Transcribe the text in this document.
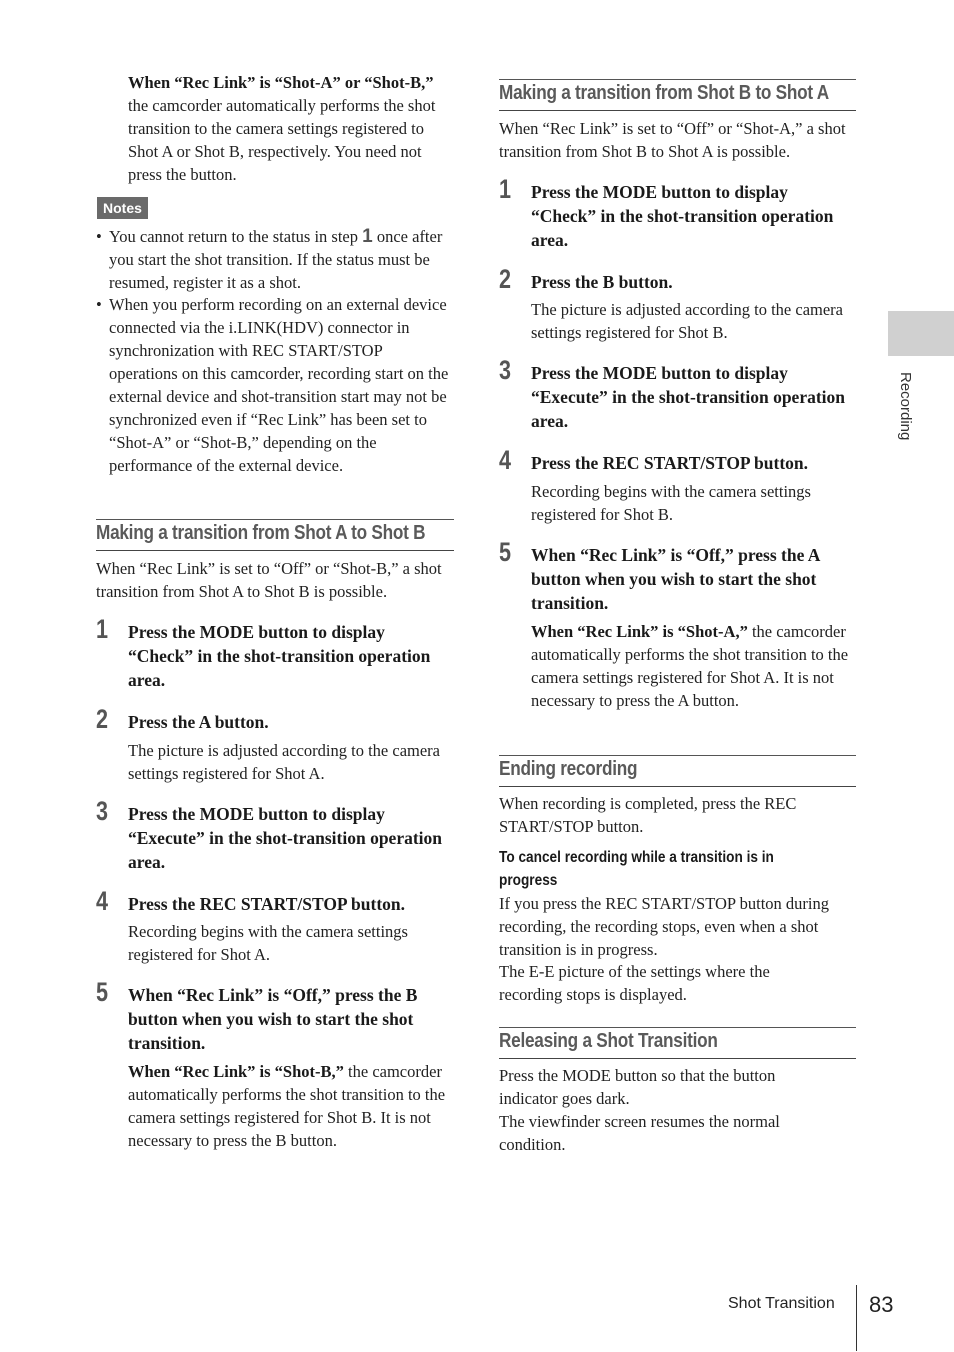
When “Rec Link” is “Shot-A” or “Shot-B,” the camcorder automatically performs the shot transition to the camera settings registered to Shot A or Shot B, respectively. You need not press the button.
Notes
• You cannot return to the status in step 1 once after you start the shot transition. If the status must be resumed, register it as a shot.
• When you perform recording on an external device connected via the i.LINK(HDV) connector in synchronization with REC START/STOP operations on this camcorder, recording start on the external device and shot-transition start may not be synchronized even if “Rec Link” has been set to “Shot-A” or “Shot-B,” depending on the performance of the external device.
Making a transition from Shot A to Shot B
When “Rec Link” is set to “Off” or “Shot-B,” a shot transition from Shot A to Shot B is possible.
1 Press the MODE button to display “Check” in the shot-transition operation area.
2 Press the A button.
The picture is adjusted according to the camera settings registered for Shot A.
3 Press the MODE button to display “Execute” in the shot-transition operation area.
4 Press the REC START/STOP button.
Recording begins with the camera settings registered for Shot A.
5 When “Rec Link” is “Off,” press the B button when you wish to start the shot transition.
When “Rec Link” is “Shot-B,” the camcorder automatically performs the shot transition to the camera settings registered for Shot B. It is not necessary to press the B button.
Making a transition from Shot B to Shot A
When “Rec Link” is set to “Off” or “Shot-A,” a shot transition from Shot B to Shot A is possible.
1 Press the MODE button to display “Check” in the shot-transition operation area.
2 Press the B button.
The picture is adjusted according to the camera settings registered for Shot B.
3 Press the MODE button to display “Execute” in the shot-transition operation area.
4 Press the REC START/STOP button.
Recording begins with the camera settings registered for Shot B.
5 When “Rec Link” is “Off,” press the A button when you wish to start the shot transition.
When “Rec Link” is “Shot-A,” the camcorder automatically performs the shot transition to the camera settings registered for Shot A. It is not necessary to press the A button.
Ending recording
When recording is completed, press the REC START/STOP button.
To cancel recording while a transition is in progress
If you press the REC START/STOP button during recording, the recording stops, even when a shot transition is in progress.
The E-E picture of the settings where the recording stops is displayed.
Releasing a Shot Transition
Press the MODE button so that the button indicator goes dark.
The viewfinder screen resumes the normal condition.
Recording
Shot Transition 83
